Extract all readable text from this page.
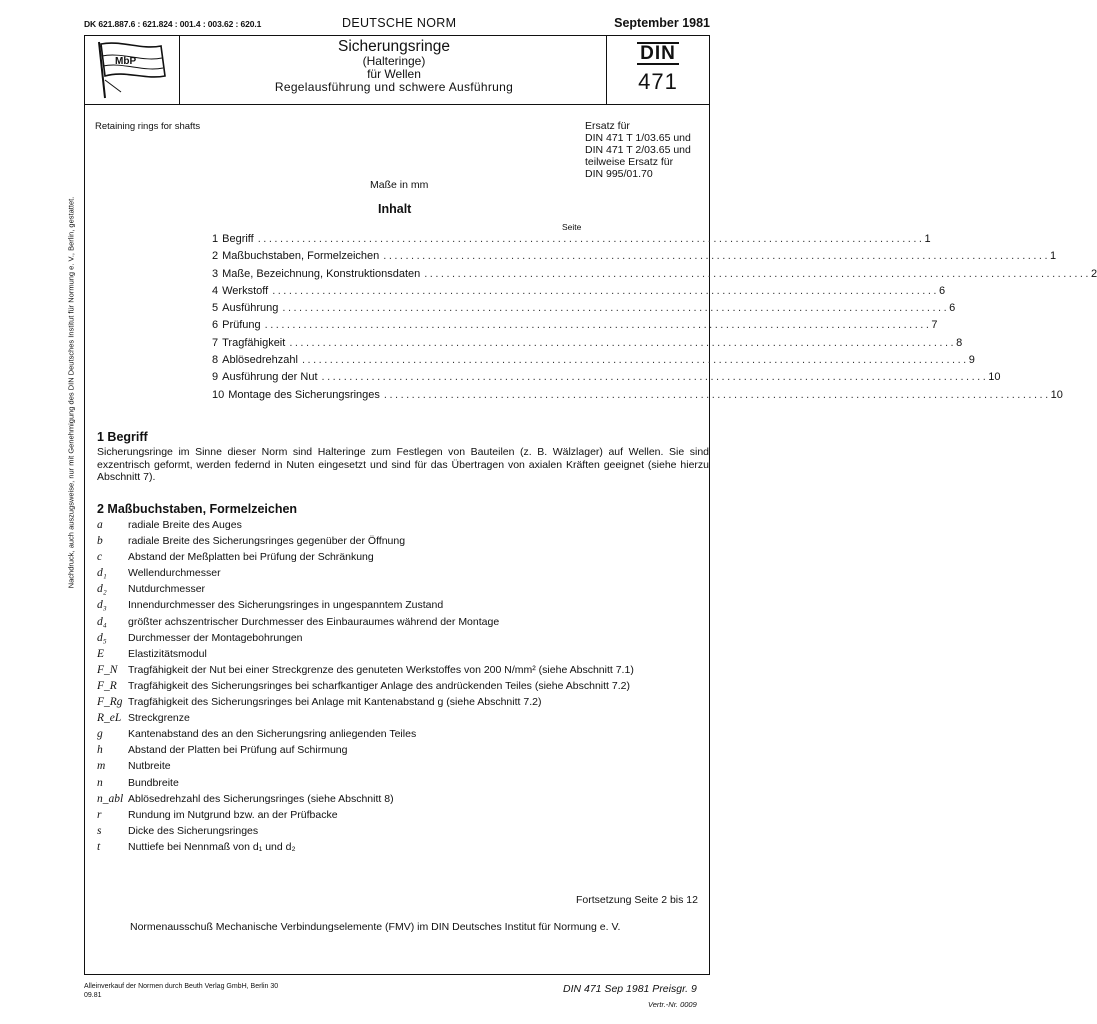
DK 621.887.6 : 621.824 : 001.4 : 003.62 : 620.1	DEUTSCHE NORM	September 1981
MbP
Sicherungsringe
(Halteringe)
für Wellen
Regelausführung und schwere Ausführung
DIN
471
Nachdruck, auch auszugsweise, nur mit Genehmigung des DIN Deutsches Institut für Normung e. V., Berlin, gestattet.
Retaining rings for shafts	Ersatz für
DIN 471 T 1/03.65 und
DIN 471 T 2/03.65 und
teilweise Ersatz für
DIN 995/01.70
Maße in mm
Inhalt
Seite
1 Begriff ........................................................................................................................ 1
2 Maßbuchstaben, Formelzeichen ........................................................................................................................ 1
3 Maße, Bezeichnung, Konstruktionsdaten ........................................................................................................................ 2
4 Werkstoff ........................................................................................................................ 6
5 Ausführung ........................................................................................................................ 6
6 Prüfung ........................................................................................................................ 7
7 Tragfähigkeit ........................................................................................................................ 8
8 Ablösedrehzahl ........................................................................................................................ 9
9 Ausführung der Nut ........................................................................................................................ 10
10 Montage des Sicherungsringes ........................................................................................................................ 10
1 Begriff
Sicherungsringe im Sinne dieser Norm sind Halteringe zum Festlegen von Bauteilen (z. B. Wälzlager) auf Wellen. Sie sind exzentrisch geformt, werden federnd in Nuten eingesetzt und sind für das Übertragen von axialen Kräften geeignet (siehe hierzu Abschnitt 7).
2 Maßbuchstaben, Formelzeichen
a	radiale Breite des Auges
b	radiale Breite des Sicherungsringes gegenüber der Öffnung
c	Abstand der Meßplatten bei Prüfung der Schränkung
d₁	Wellendurchmesser
d₂	Nutdurchmesser
d₃	Innendurchmesser des Sicherungsringes in ungespanntem Zustand
d₄	größter achszentrischer Durchmesser des Einbauraumes während der Montage
d₅	Durchmesser der Montagebohrungen
E	Elastizitätsmodul
F_N	Tragfähigkeit der Nut bei einer Streckgrenze des genuteten Werkstoffes von 200 N/mm² (siehe Abschnitt 7.1)
F_R	Tragfähigkeit des Sicherungsringes bei scharfkantiger Anlage des andrückenden Teiles (siehe Abschnitt 7.2)
F_Rg Tragfähigkeit des Sicherungsringes bei Anlage mit Kantenabstand g (siehe Abschnitt 7.2)
R_eL Streckgrenze
g	Kantenabstand des an den Sicherungsring anliegenden Teiles
h	Abstand der Platten bei Prüfung auf Schirmung
m	Nutbreite
n	Bundbreite
n_abl Ablösedrehzahl des Sicherungsringes (siehe Abschnitt 8)
r	Rundung im Nutgrund bzw. an der Prüfbacke
s	Dicke des Sicherungsringes
t	Nuttiefe bei Nennmaß von d₁ und d₂
Fortsetzung Seite 2 bis 12
Normenausschuß Mechanische Verbindungselemente (FMV) im DIN Deutsches Institut für Normung e. V.
Alleinverkauf der Normen durch Beuth Verlag GmbH, Berlin 30
09.81
DIN 471 Sep 1981 Preisgr. 9
Vertr.-Nr. 0009
